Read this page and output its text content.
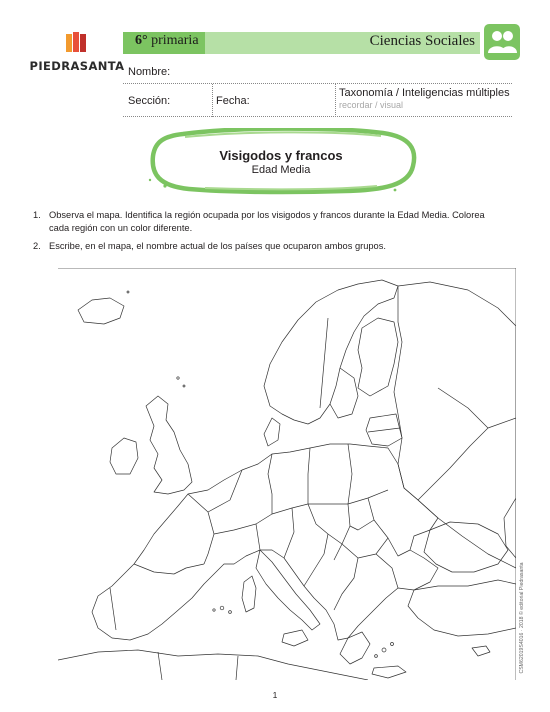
PIEDRASANTA
6° primaria	Ciencias Sociales
Nombre:
Sección:	Fecha:
Taxonomía / Inteligencias múltiples
recordar / visual
Visigodos y francos
Edad Media
1. Observa el mapa. Identifica la región ocupada por los visigodos y francos durante la Edad Media. Colorea cada región con un color diferente.
2. Escribe, en el mapa, el nombre actual de los países que ocuparon ambos grupos.
CSM62019S4016 · 2018 © editorial Piedrasanta
1
